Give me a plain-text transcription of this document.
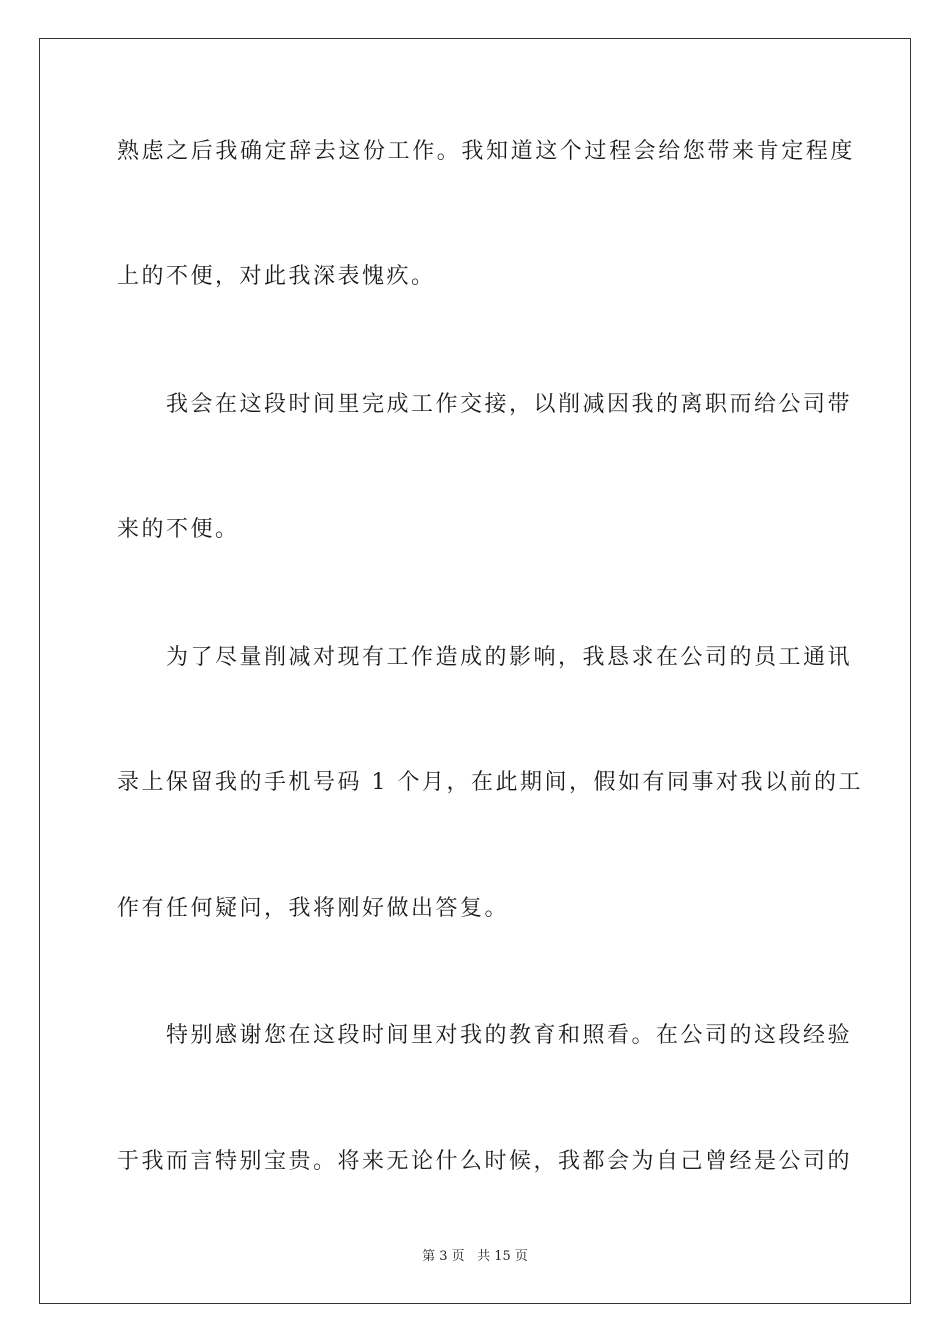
熟虑之后我确定辞去这份工作。我知道这个过程会给您带来肯定程度
上的不便，对此我深表愧疚。
　　我会在这段时间里完成工作交接，以削减因我的离职而给公司带
来的不便。
　　为了尽量削减对现有工作造成的影响，我恳求在公司的员工通讯
录上保留我的手机号码 1 个月，在此期间，假如有同事对我以前的工
作有任何疑问，我将刚好做出答复。
　　特别感谢您在这段时间里对我的教育和照看。在公司的这段经验
于我而言特别宝贵。将来无论什么时候，我都会为自己曾经是公司的
第 3 页 共 15 页
